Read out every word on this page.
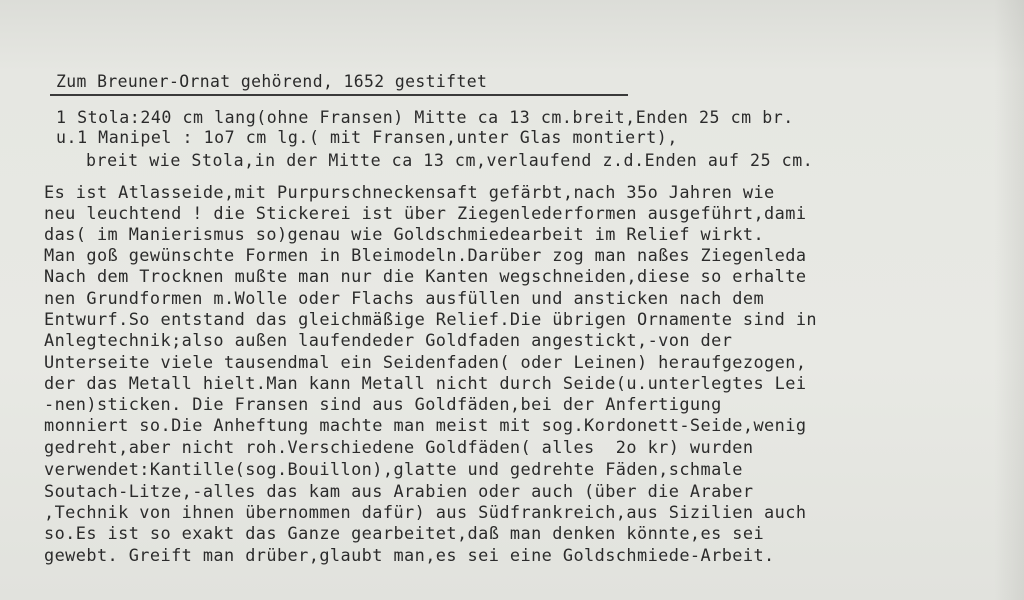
Zum Breuner-Ornat gehörend, 1652 gestiftet
1 Stola:240 cm lang(ohne Fransen) Mitte ca 13 cm.breit,Enden 25 cm br.
u.1 Manipel : 1o7 cm lg.( mit Fransen,unter Glas montiert),
breit wie Stola,in der Mitte ca 13 cm,verlaufend z.d.Enden auf 25 cm.
Es ist Atlasseide,mit Purpurschneckensaft gefärbt,nach 35o Jahren wie
neu leuchtend ! die Stickerei ist über Ziegenlederformen ausgeführt,dami
das( im Manierismus so)genau wie Goldschmiedearbeit im Relief wirkt.
Man goß gewünschte Formen in Bleimodeln.Darüber zog man naßes Ziegenleda
Nach dem Trocknen mußte man nur die Kanten wegschneiden,diese so erhalte
nen Grundformen m.Wolle oder Flachs ausfüllen und ansticken nach dem
Entwurf.So entstand das gleichmäßige Relief.Die übrigen Ornamente sind in
Anlegtechnik;also außen laufendeder Goldfaden angestickt,-von der
Unterseite viele tausendmal ein Seidenfaden( oder Leinen) heraufgezogen,
der das Metall hielt.Man kann Metall nicht durch Seide(u.unterlegtes Lei
-nen)sticken. Die Fransen sind aus Goldfäden,bei der Anfertigung
monniert so.Die Anheftung machte man meist mit sog.Kordonett-Seide,wenig
gedreht,aber nicht roh.Verschiedene Goldfäden( alles  2o kr) wurden
verwendet:Kantille(sog.Bouillon),glatte und gedrehte Fäden,schmale
Soutach-Litze,-alles das kam aus Arabien oder auch (über die Araber
,Technik von ihnen übernommen dafür) aus Südfrankreich,aus Sizilien auch
so.Es ist so exakt das Ganze gearbeitet,daß man denken könnte,es sei
gewebt. Greift man drüber,glaubt man,es sei eine Goldschmiede-Arbeit.
